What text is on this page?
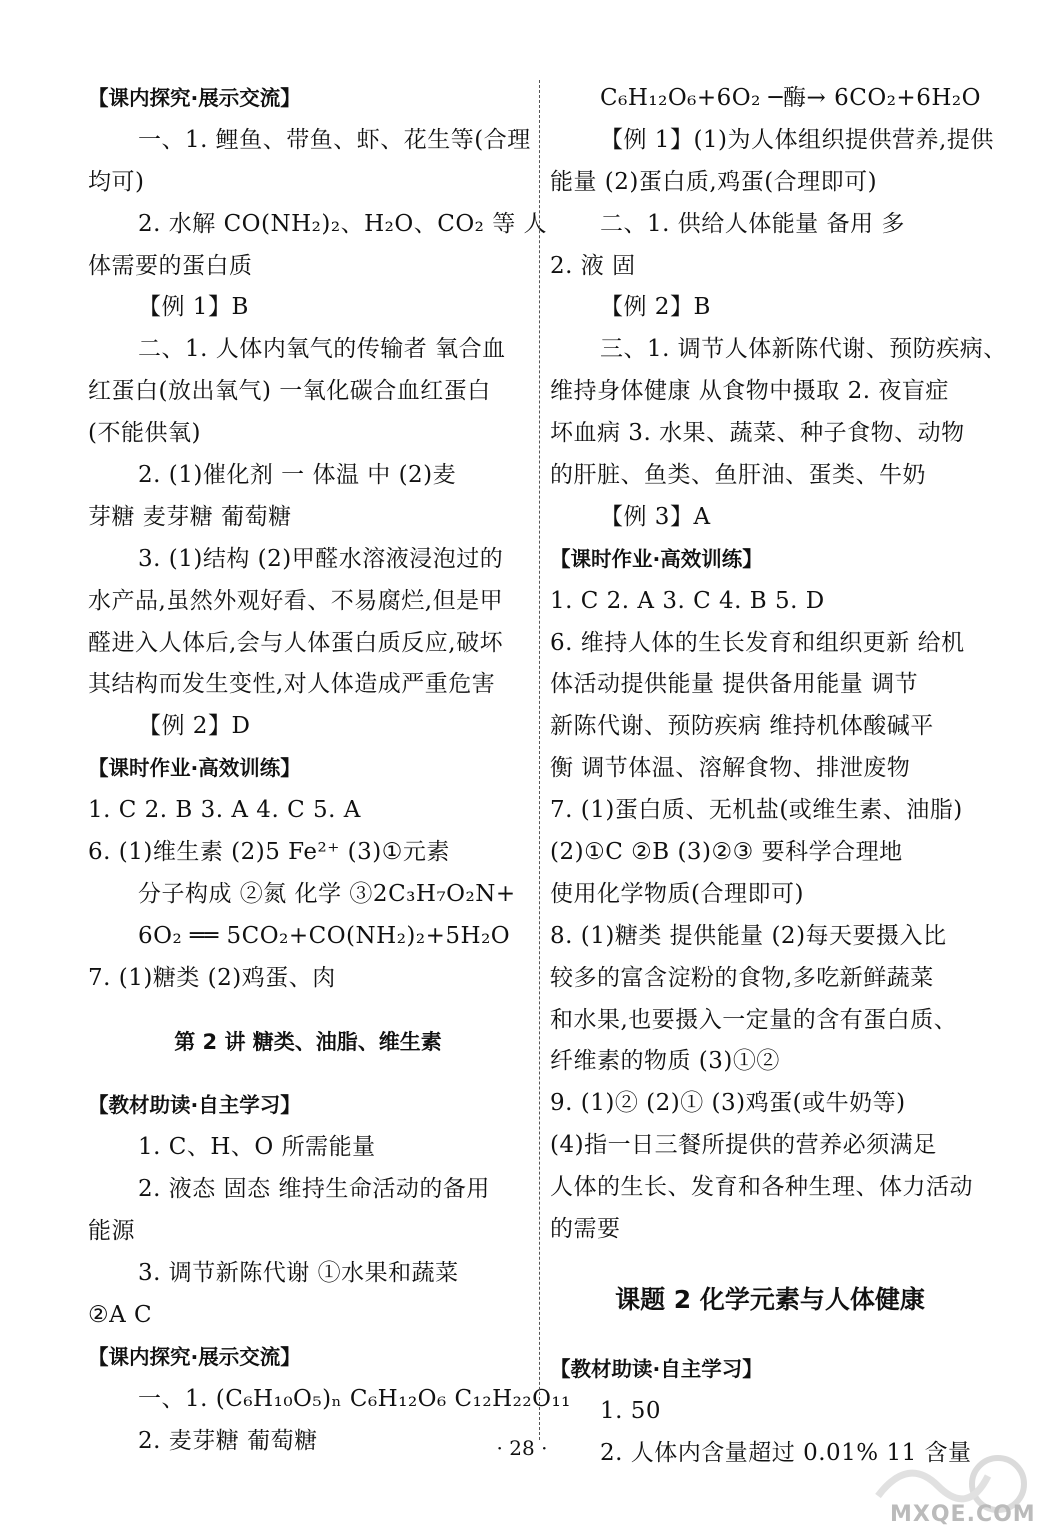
【课内探究·展示交流】
一、1. 鲤鱼、带鱼、虾、花生等(合理
均可)
2. 水解 CO(NH₂)₂、H₂O、CO₂ 等 人
体需要的蛋白质
【例 1】B
二、1. 人体内氧气的传输者 氧合血
红蛋白(放出氧气) 一氧化碳合血红蛋白
(不能供氧)
2. (1)催化剂 一 体温 中 (2)麦
芽糖 麦芽糖 葡萄糖
3. (1)结构 (2)甲醛水溶液浸泡过的
水产品,虽然外观好看、不易腐烂,但是甲
醛进入人体后,会与人体蛋白质反应,破坏
其结构而发生变性,对人体造成严重危害
【例 2】D
【课时作业·高效训练】
1. C 2. B 3. A 4. C 5. A
6. (1)维生素 (2)5 Fe²⁺ (3)①元素
分子构成 ②氮 化学 ③2C₃H₇O₂N+
6O₂ ══ 5CO₂+CO(NH₂)₂+5H₂O
7. (1)糖类 (2)鸡蛋、肉
第 2 讲 糖类、油脂、维生素
【教材助读·自主学习】
1. C、H、O 所需能量
2. 液态 固态 维持生命活动的备用
能源
3. 调节新陈代谢 ①水果和蔬菜
②A C
【课内探究·展示交流】
一、1. (C₆H₁₀O₅)ₙ C₆H₁₂O₆ C₁₂H₂₂O₁₁
2. 麦芽糖 葡萄糖
C₆H₁₂O₆+6O₂ ─酶→ 6CO₂+6H₂O
【例 1】(1)为人体组织提供营养,提供
能量 (2)蛋白质,鸡蛋(合理即可)
二、1. 供给人体能量 备用 多
2. 液 固
【例 2】B
三、1. 调节人体新陈代谢、预防疾病、
维持身体健康 从食物中摄取 2. 夜盲症
坏血病 3. 水果、蔬菜、种子食物、动物
的肝脏、鱼类、鱼肝油、蛋类、牛奶
【例 3】A
【课时作业·高效训练】
1. C 2. A 3. C 4. B 5. D
6. 维持人体的生长发育和组织更新 给机
体活动提供能量 提供备用能量 调节
新陈代谢、预防疾病 维持机体酸碱平
衡 调节体温、溶解食物、排泄废物
7. (1)蛋白质、无机盐(或维生素、油脂)
(2)①C ②B (3)②③ 要科学合理地
使用化学物质(合理即可)
8. (1)糖类 提供能量 (2)每天要摄入比
较多的富含淀粉的食物,多吃新鲜蔬菜
和水果,也要摄入一定量的含有蛋白质、
纤维素的物质 (3)①②
9. (1)② (2)① (3)鸡蛋(或牛奶等)
(4)指一日三餐所提供的营养必须满足
人体的生长、发育和各种生理、体力活动
的需要
课题 2 化学元素与人体健康
【教材助读·自主学习】
1. 50
2. 人体内含量超过 0.01% 11 含量
· 28 ·
MXQE.COM
